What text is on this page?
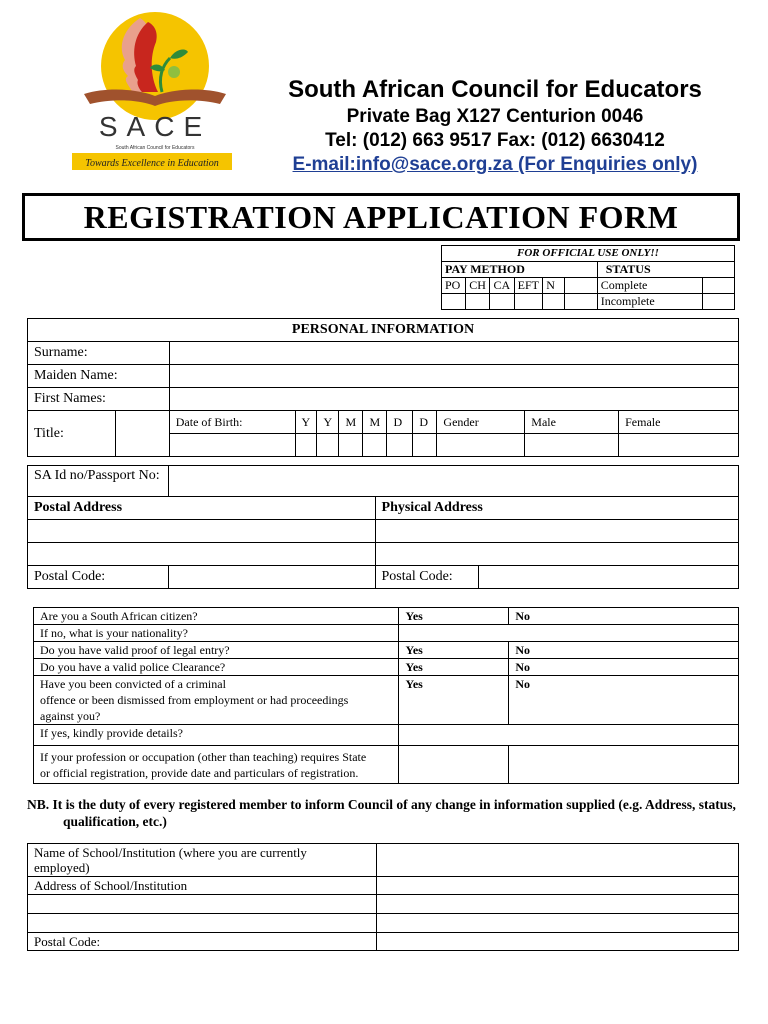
SACE
South African Council for Educators
Towards Excellence in Education
South African Council for Educators
Private Bag X127 Centurion 0046
Tel: (012) 663 9517 Fax: (012) 6630412
E-mail:info@sace.org.za (For Enquiries only)
REGISTRATION APPLICATION FORM
FOR OFFICIAL USE ONLY!!							
PAY METHOD						STATUS	
PO	CH	CA	EFT	N		Complete	
						Incomplete	
PERSONAL INFORMATION											
Surname:											
Maiden Name:											
First Names:											
Title:		Date of Birth:	Y	Y	M	M	D	D	Gender	Male	Female

SA Id no/Passport No:			
Postal Address		Physical Address	

Postal Code:		Postal Code:	
Are you a South African citizen?	Yes	No
If no, what is your nationality?		
Do you have valid proof of legal entry?	Yes	No
Do you have a valid police Clearance?	Yes	No

Have you been convicted of a criminal
offence or been dismissed from employment or had proceedings
against you?	Yes	No
If yes, kindly provide details?		

If your profession or occupation (other than teaching) requires State
or official registration, provide date and particulars of registration.		

NB. It is the duty of every registered member to inform Council of any change in information supplied (e.g. Address, status,
qualification, etc.)
Name of School/Institution (where you are currently
employed)	

Address of School/Institution	

Postal Code:	
